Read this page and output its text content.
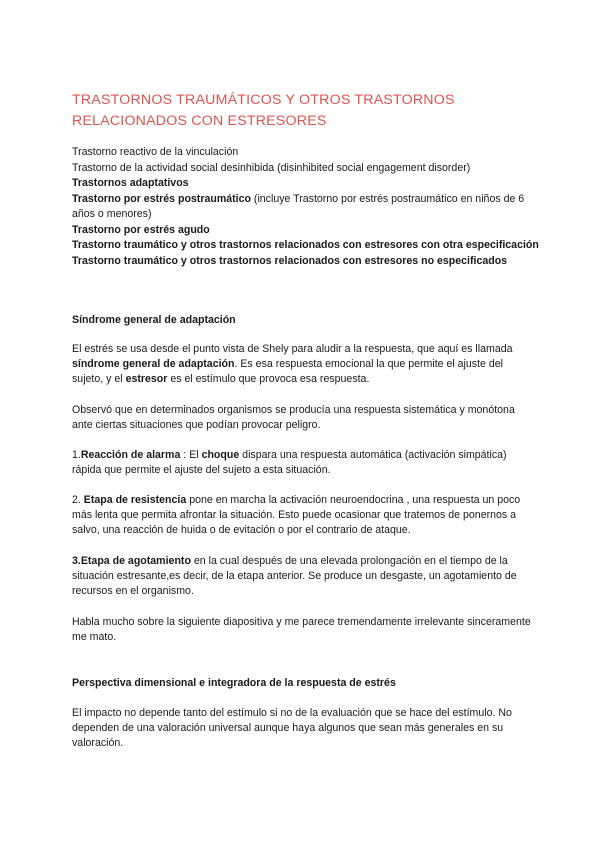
TRASTORNOS TRAUMÁTICOS Y OTROS TRASTORNOS RELACIONADOS CON ESTRESORES
Trastorno reactivo de la vinculación
Trastorno de la actividad social desinhibida (disinhibited social engagement disorder)
Trastornos adaptativos
Trastorno por estrés postraumático (incluye Trastorno por estrés postraumático en niños de 6 años o menores)
Trastorno por estrés agudo
Trastorno traumático y otros trastornos relacionados con estresores con otra especificación
Trastorno traumático y otros trastornos relacionados con estresores no especificados

Síndrome general de adaptación

El estrés se usa desde el punto vista de Shely para aludir a la respuesta, que aquí es llamada síndrome general de adaptación. Es esa respuesta emocional la que permite el ajuste del sujeto, y el estresor es el estímulo que provoca esa respuesta.

Observó que en determinados organismos se producía una respuesta sistemática y monótona ante ciertas situaciones que podían provocar peligro.

1.Reacción de alarma : El choque dispara una respuesta automática (activación simpática) rápida que permite el ajuste del sujeto a esta situación.

2. Etapa de resistencia pone en marcha la activación neuroendocrina , una respuesta un poco más lenta que permita afrontar la situación. Esto puede ocasionar que tratemos de ponernos a salvo, una reacción de huida o de evitación o por el contrario de ataque.

3.Etapa de agotamiento en la cual después de una elevada prolongación en el tiempo de la situación estresante,es decir, de la etapa anterior. Se produce un desgaste, un agotamiento de recursos en el organismo.

Habla mucho sobre la siguiente diapositiva y me parece tremendamente irrelevante sinceramente me mato.

Perspectiva dimensional e integradora de la respuesta de estrés

El impacto no depende tanto del estímulo si no de la evaluación que se hace del estímulo. No dependen de una valoración universal aunque haya algunos que sean más generales en su valoración.
